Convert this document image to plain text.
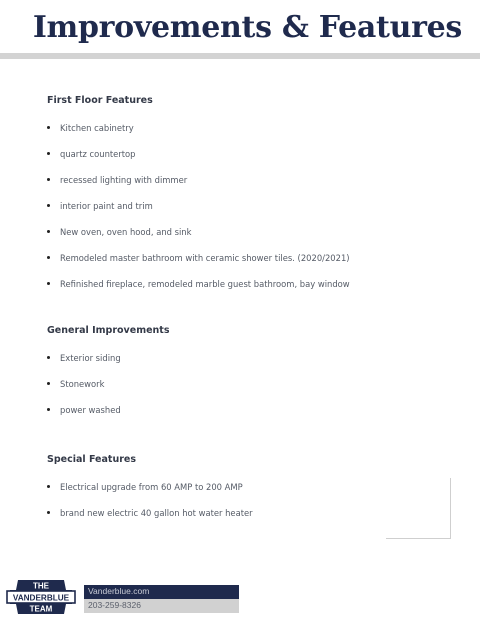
Improvements & Features
First Floor Features
Kitchen cabinetry
quartz countertop
recessed lighting with dimmer
interior paint and trim
New oven, oven hood, and sink
Remodeled master bathroom with ceramic shower tiles. (2020/2021)
Refinished fireplace, remodeled marble guest bathroom, bay window
General Improvements
Exterior siding
Stonework
power washed
Special Features
Electrical upgrade from 60 AMP to 200 AMP
brand new electric 40 gallon hot water heater
THE
VANDERBLUE
TEAM
Vanderblue.com
203-259-8326
